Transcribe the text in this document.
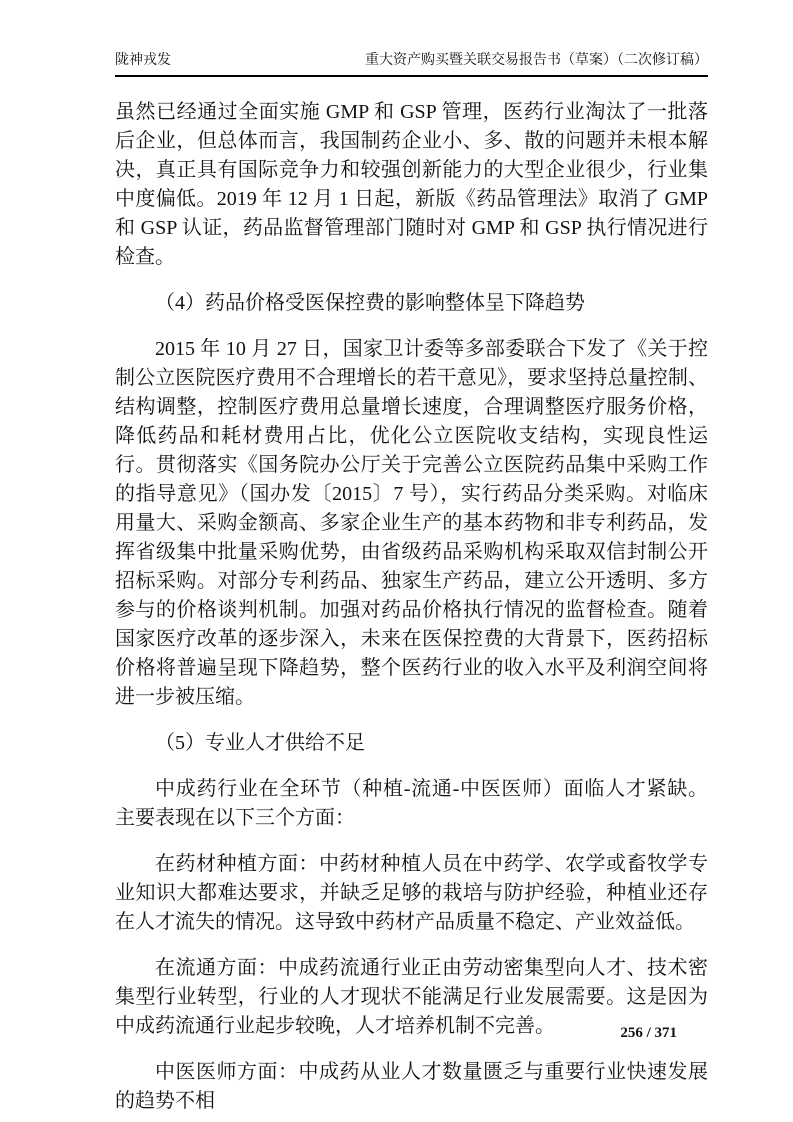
陇神戎发	重大资产购买暨关联交易报告书（草案）（二次修订稿）

虽然已经通过全面实施 GMP 和 GSP 管理，医药行业淘汰了一批落后企业，但总体而言，我国制药企业小、多、散的问题并未根本解决，真正具有国际竞争力和较强创新能力的大型企业很少，行业集中度偏低。2019 年 12 月 1 日起，新版《药品管理法》取消了 GMP 和 GSP 认证，药品监督管理部门随时对 GMP 和 GSP 执行情况进行检查。

（4）药品价格受医保控费的影响整体呈下降趋势

2015 年 10 月 27 日，国家卫计委等多部委联合下发了《关于控制公立医院医疗费用不合理增长的若干意见》，要求坚持总量控制、结构调整，控制医疗费用总量增长速度，合理调整医疗服务价格，降低药品和耗材费用占比，优化公立医院收支结构，实现良性运行。贯彻落实《国务院办公厅关于完善公立医院药品集中采购工作的指导意见》（国办发〔2015〕7 号），实行药品分类采购。对临床用量大、采购金额高、多家企业生产的基本药物和非专利药品，发挥省级集中批量采购优势，由省级药品采购机构采取双信封制公开招标采购。对部分专利药品、独家生产药品，建立公开透明、多方参与的价格谈判机制。加强对药品价格执行情况的监督检查。随着国家医疗改革的逐步深入，未来在医保控费的大背景下，医药招标价格将普遍呈现下降趋势，整个医药行业的收入水平及利润空间将进一步被压缩。

（5）专业人才供给不足

中成药行业在全环节（种植-流通-中医医师）面临人才紧缺。主要表现在以下三个方面：

在药材种植方面：中药材种植人员在中药学、农学或畜牧学专业知识大都难达要求，并缺乏足够的栽培与防护经验，种植业还存在人才流失的情况。这导致中药材产品质量不稳定、产业效益低。

在流通方面：中成药流通行业正由劳动密集型向人才、技术密集型行业转型，行业的人才现状不能满足行业发展需要。这是因为中成药流通行业起步较晚，人才培养机制不完善。

中医医师方面：中成药从业人才数量匮乏与重要行业快速发展的趋势不相

256 / 371
